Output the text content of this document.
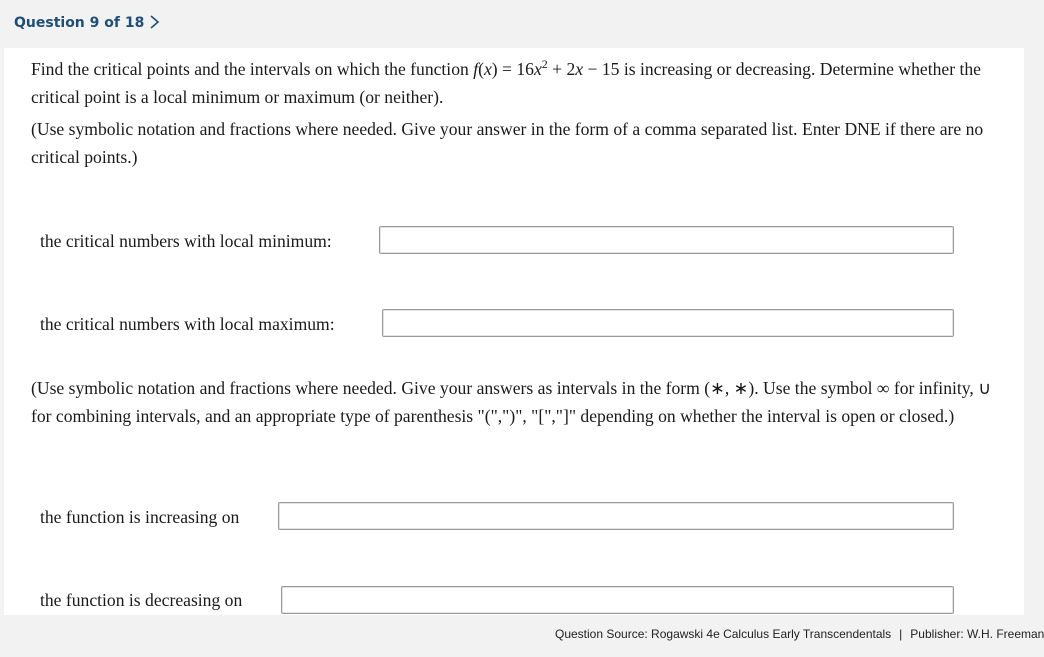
Question 9 of 18

Find the critical points and the intervals on which the function $f(x) = 16x^2 + 2x - 15$ is increasing or decreasing. Determine whether the critical point is a local minimum or maximum (or neither).

(Use symbolic notation and fractions where needed. Give your answer in the form of a comma separated list. Enter DNE if there are no critical points.)

the critical numbers with local minimum:
the critical numbers with local maximum:

(Use symbolic notation and fractions where needed. Give your answers as intervals in the form (∗, ∗). Use the symbol ∞ for infinity, ∪ for combining intervals, and an appropriate type of parenthesis "(",")", "[","]" depending on whether the interval is open or closed.)

the function is increasing on
the function is decreasing on
Question Source: Rogawski 4e Calculus Early Transcendentals | Publisher: W.H. Freeman
